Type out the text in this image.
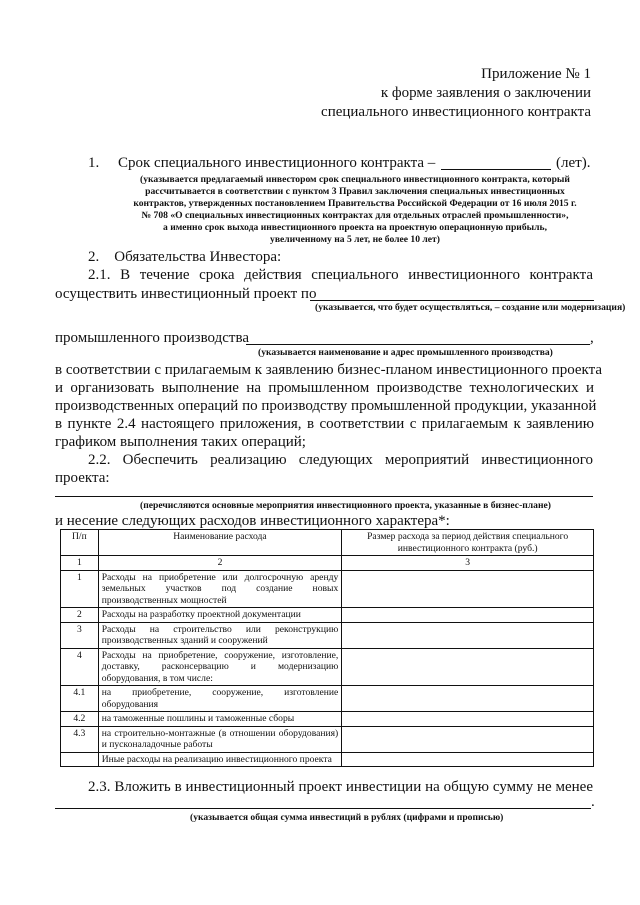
Приложение № 1
к форме заявления о заключении
специального инвестиционного контракта
1.     Срок специального инвестиционного контракта –	(лет).
(указывается предлагаемый инвестором срок специального инвестиционного контракта, который
рассчитывается в соответствии с пунктом 3 Правил заключения специальных инвестиционных
контрактов, утвержденных постановлением Правительства Российской Федерации от 16 июля 2015 г.
№ 708 «О специальных инвестиционных контрактах для отдельных отраслей промышленности»,
а именно срок выхода инвестиционного проекта на проектную операционную прибыль,
увеличенному на 5 лет, не более 10 лет)
2.    Обязательства Инвестора:
2.1. В течение срока действия специального инвестиционного контракта
осуществить инвестиционный проект по
(указывается, что будет осуществляться, – создание или модернизация)
промышленного производства	,
(указывается наименование и адрес промышленного производства)
в соответствии с прилагаемым к заявлению бизнес-планом инвестиционного проекта
и организовать выполнение на промышленном производстве технологических и
производственных операций по производству промышленной продукции, указанной
в пункте 2.4 настоящего приложения, в соответствии с прилагаемым к заявлению
графиком выполнения таких операций;
2.2. Обеспечить реализацию следующих мероприятий инвестиционного
проекта:
(перечисляются основные мероприятия инвестиционного проекта, указанные в бизнес-плане)
и несение следующих расходов инвестиционного характера*:
П/п	Наименование расхода	Размер расхода за период действия специального инвестиционного контракта (руб.)
1	2	3
1	Расходы на приобретение или долгосрочную аренду земельных участков под создание новых производственных мощностей	
2	Расходы на разработку проектной документации	
3	Расходы на строительство или реконструкцию производственных зданий и сооружений	
4	Расходы на приобретение, сооружение, изготовление, доставку, расконсервацию и модернизацию оборудования, в том числе:	
4.1	на приобретение, сооружение, изготовление оборудования	
4.2	на таможенные пошлины и таможенные сборы	
4.3	на строительно-монтажные (в отношении оборудования) и пусконаладочные работы	
	Иные расходы на реализацию инвестиционного проекта	
2.3. Вложить в инвестиционный проект инвестиции на общую сумму не менее
.
(указывается общая сумма инвестиций в рублях (цифрами и прописью)
